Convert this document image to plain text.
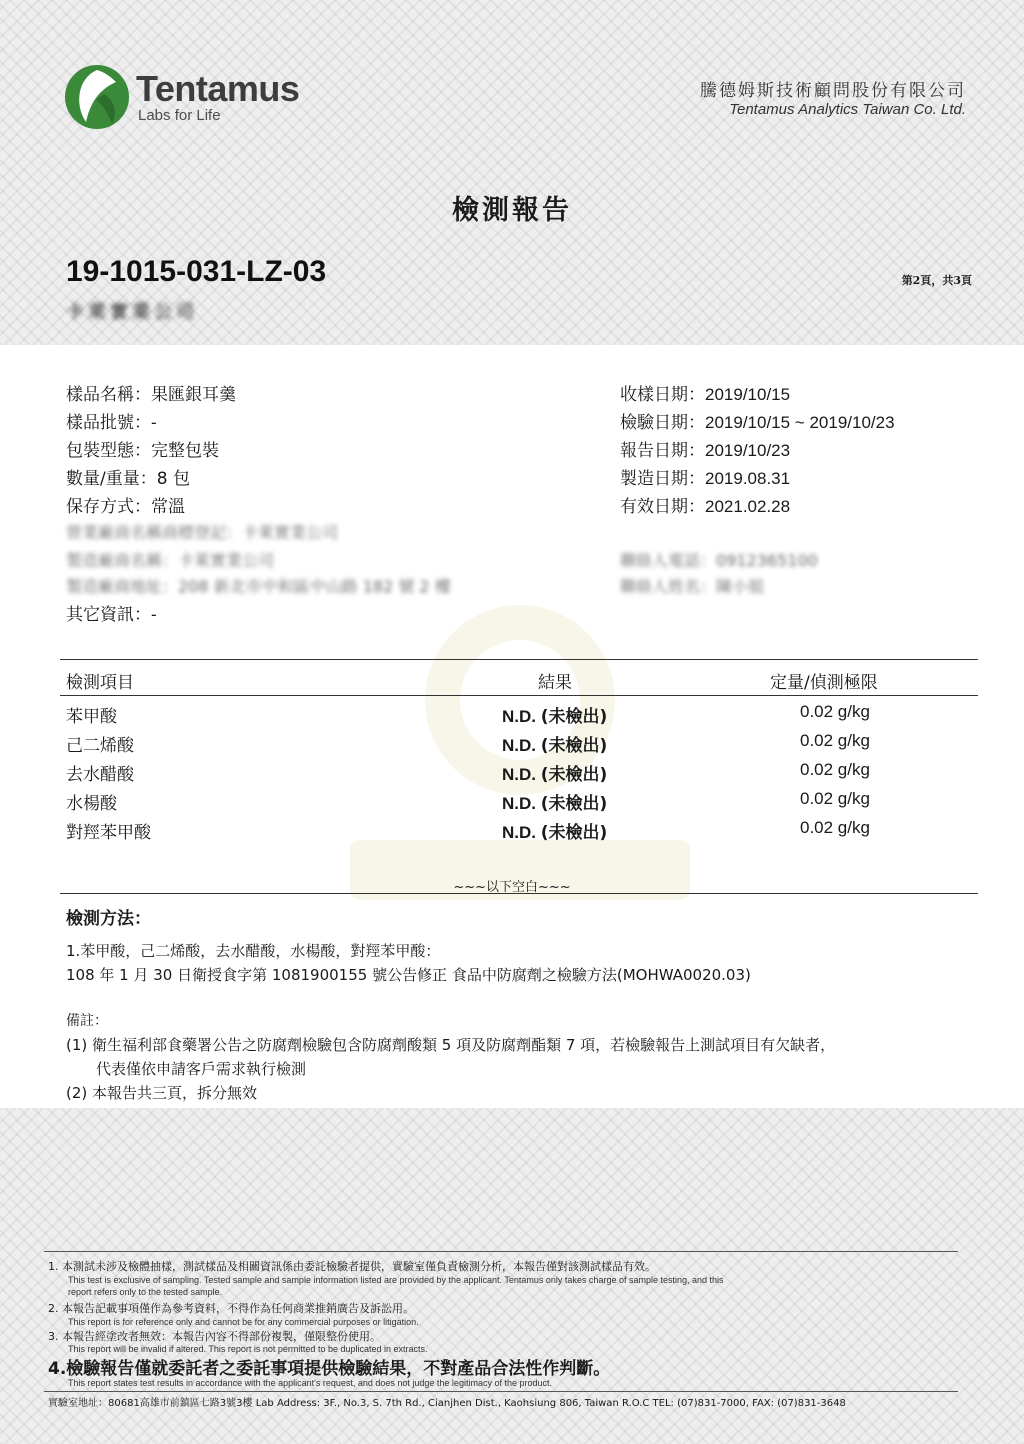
Tentamus
Labs for Life
騰德姆斯技術顧問股份有限公司
Tentamus Analytics Taiwan Co. Ltd.
檢測報告
19-1015-031-LZ-03	第2頁，共3頁
卡萊實業公司
樣品名稱：果匯銀耳羹
樣品批號：-
包裝型態：完整包裝
數量/重量：8 包
保存方式：常溫
收樣日期：2019/10/15
檢驗日期：2019/10/15 ~ 2019/10/23
報告日期：2019/10/23
製造日期：2019.08.31
有效日期：2021.02.28
營業廠商名稱商標登記：卡萊實業公司
製造廠商名稱：卡萊實業公司
製造廠商地址：208 新北市中和區中山路 182 號 2 樓
聯絡人電話：0912365100
聯絡人姓名：陳小姐
其它資訊：-
檢測項目	結果	定量/偵測極限
苯甲酸	N.D. (未檢出)	0.02 g/kg
己二烯酸	N.D. (未檢出)	0.02 g/kg
去水醋酸	N.D. (未檢出)	0.02 g/kg
水楊酸	N.D. (未檢出)	0.02 g/kg
對羥苯甲酸	N.D. (未檢出)	0.02 g/kg
~~~以下空白~~~
檢測方法：
1.苯甲酸，己二烯酸，去水醋酸，水楊酸，對羥苯甲酸：
108 年 1 月 30 日衛授食字第 1081900155 號公告修正 食品中防腐劑之檢驗方法(MOHWA0020.03)
備註：
(1) 衛生福利部食藥署公告之防腐劑檢驗包含防腐劑酸類 5 項及防腐劑酯類 7 項，若檢驗報告上測試項目有欠缺者，
代表僅依申請客戶需求執行檢測
(2) 本報告共三頁，拆分無效
1. 本測試未涉及檢體抽樣，測試樣品及相關資訊係由委託檢驗者提供，實驗室僅負責檢測分析，本報告僅對該測試樣品有效。
This test is exclusive of sampling. Tested sample and sample information listed are provided by the applicant. Tentamus only takes charge of sample testing, and this
report refers only to the tested sample.
2. 本報告記載事項僅作為參考資料，不得作為任何商業推銷廣告及訴訟用。
This report is for reference only and cannot be for any commercial purposes or litigation.
3. 本報告經塗改者無效：本報告內容不得部份複製，僅限整份使用。
This report will be invalid if altered. This report is not permitted to be duplicated in extracts.
4.檢驗報告僅就委託者之委託事項提供檢驗結果，不對產品合法性作判斷。
This report states test results in accordance with the applicant's request, and does not judge the legitimacy of the product.
實驗室地址：80681高雄市前鎮區七路3號3樓 Lab Address: 3F., No.3, S. 7th Rd., Cianjhen Dist., Kaohsiung 806, Taiwan R.O.C TEL: (07)831-7000, FAX: (07)831-3648
